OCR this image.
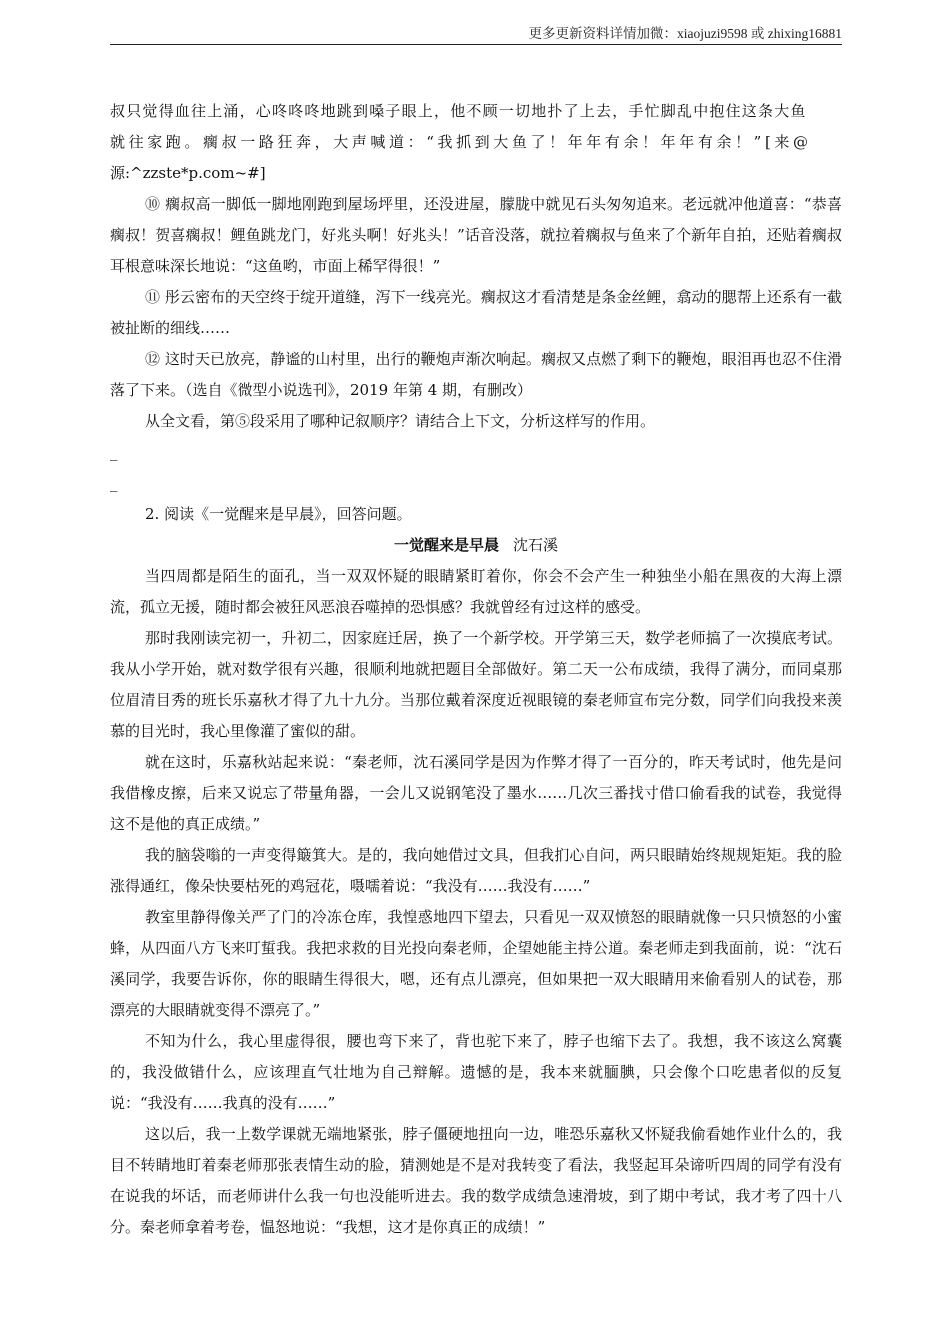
更多更新资料详情加微：xiaojuzi9598 或 zhixing16881

叔只觉得血往上涌，心咚咚咚地跳到嗓子眼上，他不顾一切地扑了上去，手忙脚乱中抱住这条大鱼

就往家跑。瘸叔一路狂奔，大声喊道：“我抓到大鱼了！年年有余！年年有余！”[来@

源:^zzste*p.com~#]

⑩ 瘸叔高一脚低一脚地刚跑到屋场坪里，还没进屋，朦胧中就见石头匆匆追来。老远就冲他道喜：“恭喜瘸叔！贺喜瘸叔！鲤鱼跳龙门，好兆头啊！好兆头！”话音没落，就拉着瘸叔与鱼来了个新年自拍，还贴着瘸叔耳根意味深长地说：“这鱼哟，市面上稀罕得很！”

⑪ 彤云密布的天空终于绽开道缝，泻下一线亮光。瘸叔这才看清楚是条金丝鲤，翕动的腮帮上还系有一截被扯断的细线……

⑫ 这时天已放亮，静谧的山村里，出行的鞭炮声渐次响起。瘸叔又点燃了剩下的鞭炮，眼泪再也忍不住滑落了下来。（选自《微型小说选刊》，2019 年第 4 期，有删改）

从全文看，第⑤段采用了哪种记叙顺序？请结合上下文，分析这样写的作用。

_
_

2. 阅读《一觉醒来是早晨》，回答问题。

一觉醒来是早晨 沈石溪

当四周都是陌生的面孔，当一双双怀疑的眼睛紧盯着你，你会不会产生一种独坐小船在黑夜的大海上漂流，孤立无援，随时都会被狂风恶浪吞噬掉的恐惧感？我就曾经有过这样的感受。

那时我刚读完初一，升初二，因家庭迁居，换了一个新学校。开学第三天，数学老师搞了一次摸底考试。我从小学开始，就对数学很有兴趣，很顺利地就把题目全部做好。第二天一公布成绩，我得了满分，而同桌那位眉清目秀的班长乐嘉秋才得了九十九分。当那位戴着深度近视眼镜的秦老师宣布完分数，同学们向我投来羡慕的目光时，我心里像灌了蜜似的甜。

就在这时，乐嘉秋站起来说：“秦老师，沈石溪同学是因为作弊才得了一百分的，昨天考试时，他先是问我借橡皮擦，后来又说忘了带量角器，一会儿又说钢笔没了墨水……几次三番找寸借口偷看我的试卷，我觉得这不是他的真正成绩。”

我的脑袋嗡的一声变得簸箕大。是的，我向她借过文具，但我扪心自问，两只眼睛始终规规矩矩。我的脸涨得通红，像朵快要枯死的鸡冠花，嗫嚅着说：“我没有……我没有……”

教室里静得像关严了门的冷冻仓库，我惶惑地四下望去，只看见一双双愤怒的眼睛就像一只只愤怒的小蜜蜂，从四面八方飞来叮蜇我。我把求救的目光投向秦老师，企望她能主持公道。秦老师走到我面前，说：“沈石溪同学，我要告诉你，你的眼睛生得很大，嗯，还有点儿漂亮，但如果把一双大眼睛用来偷看别人的试卷，那漂亮的大眼睛就变得不漂亮了。”

不知为什么，我心里虚得很，腰也弯下来了，背也驼下来了，脖子也缩下去了。我想，我不该这么窝囊的，我没做错什么，应该理直气壮地为自己辩解。遗憾的是，我本来就腼腆，只会像个口吃患者似的反复说：“我没有……我真的没有……”

这以后，我一上数学课就无端地紧张，脖子僵硬地扭向一边，唯恐乐嘉秋又怀疑我偷看她作业什么的，我目不转睛地盯着秦老师那张表情生动的脸，猜测她是不是对我转变了看法，我竖起耳朵谛听四周的同学有没有在说我的坏话，而老师讲什么我一句也没能听进去。我的数学成绩急速滑坡，到了期中考试，我才考了四十八分。秦老师拿着考卷，愠怒地说：“我想，这才是你真正的成绩！”
